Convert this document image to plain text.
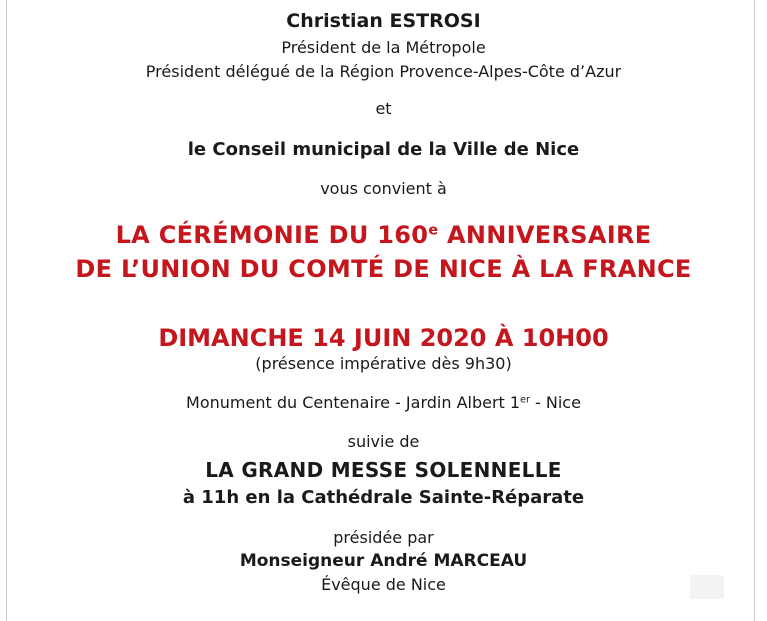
Christian ESTROSI
Président de la Métropole
Président délégué de la Région Provence-Alpes-Côte d’Azur
et
le Conseil municipal de la Ville de Nice
vous convient à
LA CÉRÉMONIE DU 160e ANNIVERSAIRE
DE L’UNION DU COMTÉ DE NICE À LA FRANCE
DIMANCHE 14 JUIN 2020 À 10H00
(présence impérative dès 9h30)
Monument du Centenaire - Jardin Albert 1er - Nice
suivie de
LA GRAND MESSE SOLENNELLE
à 11h en la Cathédrale Sainte-Réparate
présidée par
Monseigneur André MARCEAU
Évêque de Nice
